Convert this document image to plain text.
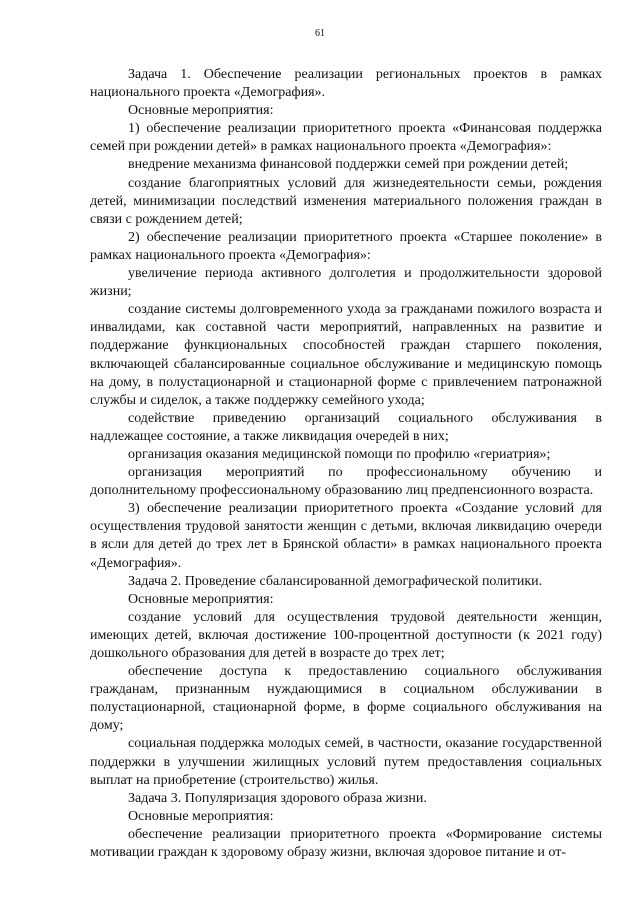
61

Задача 1. Обеспечение реализации региональных проектов в рамках национального проекта «Демография».

Основные мероприятия:

1) обеспечение реализации приоритетного проекта «Финансовая поддержка семей при рождении детей» в рамках национального проекта «Демография»:

внедрение механизма финансовой поддержки семей при рождении детей;

создание благоприятных условий для жизнедеятельности семьи, рождения детей, минимизации последствий изменения материального положения граждан в связи с рождением детей;

2) обеспечение реализации приоритетного проекта «Старшее поколение» в рамках национального проекта «Демография»:

увеличение периода активного долголетия и продолжительности здоровой жизни;

создание системы долговременного ухода за гражданами пожилого возраста и инвалидами, как составной части мероприятий, направленных на развитие и поддержание функциональных способностей граждан старшего поколения, включающей сбалансированные социальное обслуживание и медицинскую помощь на дому, в полустационарной и стационарной форме с привлечением патронажной службы и сиделок, а также поддержку семейного ухода;

содействие приведению организаций социального обслуживания в надлежащее состояние, а также ликвидация очередей в них;

организация оказания медицинской помощи по профилю «гериатрия»;

организация мероприятий по профессиональному обучению и дополнительному профессиональному образованию лиц предпенсионного возраста.

3) обеспечение реализации приоритетного проекта «Создание условий для осуществления трудовой занятости женщин с детьми, включая ликвидацию очереди в ясли для детей до трех лет в Брянской области» в рамках национального проекта «Демография».

Задача 2. Проведение сбалансированной демографической политики.

Основные мероприятия:

создание условий для осуществления трудовой деятельности женщин, имеющих детей, включая достижение 100-процентной доступности (к 2021 году) дошкольного образования для детей в возрасте до трех лет;

обеспечение доступа к предоставлению социального обслуживания гражданам, признанным нуждающимися в социальном обслуживании в полустационарной, стационарной форме, в форме социального обслуживания на дому;

социальная поддержка молодых семей, в частности, оказание государственной поддержки в улучшении жилищных условий путем предоставления социальных выплат на приобретение (строительство) жилья.

Задача 3. Популяризация здорового образа жизни.

Основные мероприятия:

обеспечение реализации приоритетного проекта «Формирование системы мотивации граждан к здоровому образу жизни, включая здоровое питание и от-
